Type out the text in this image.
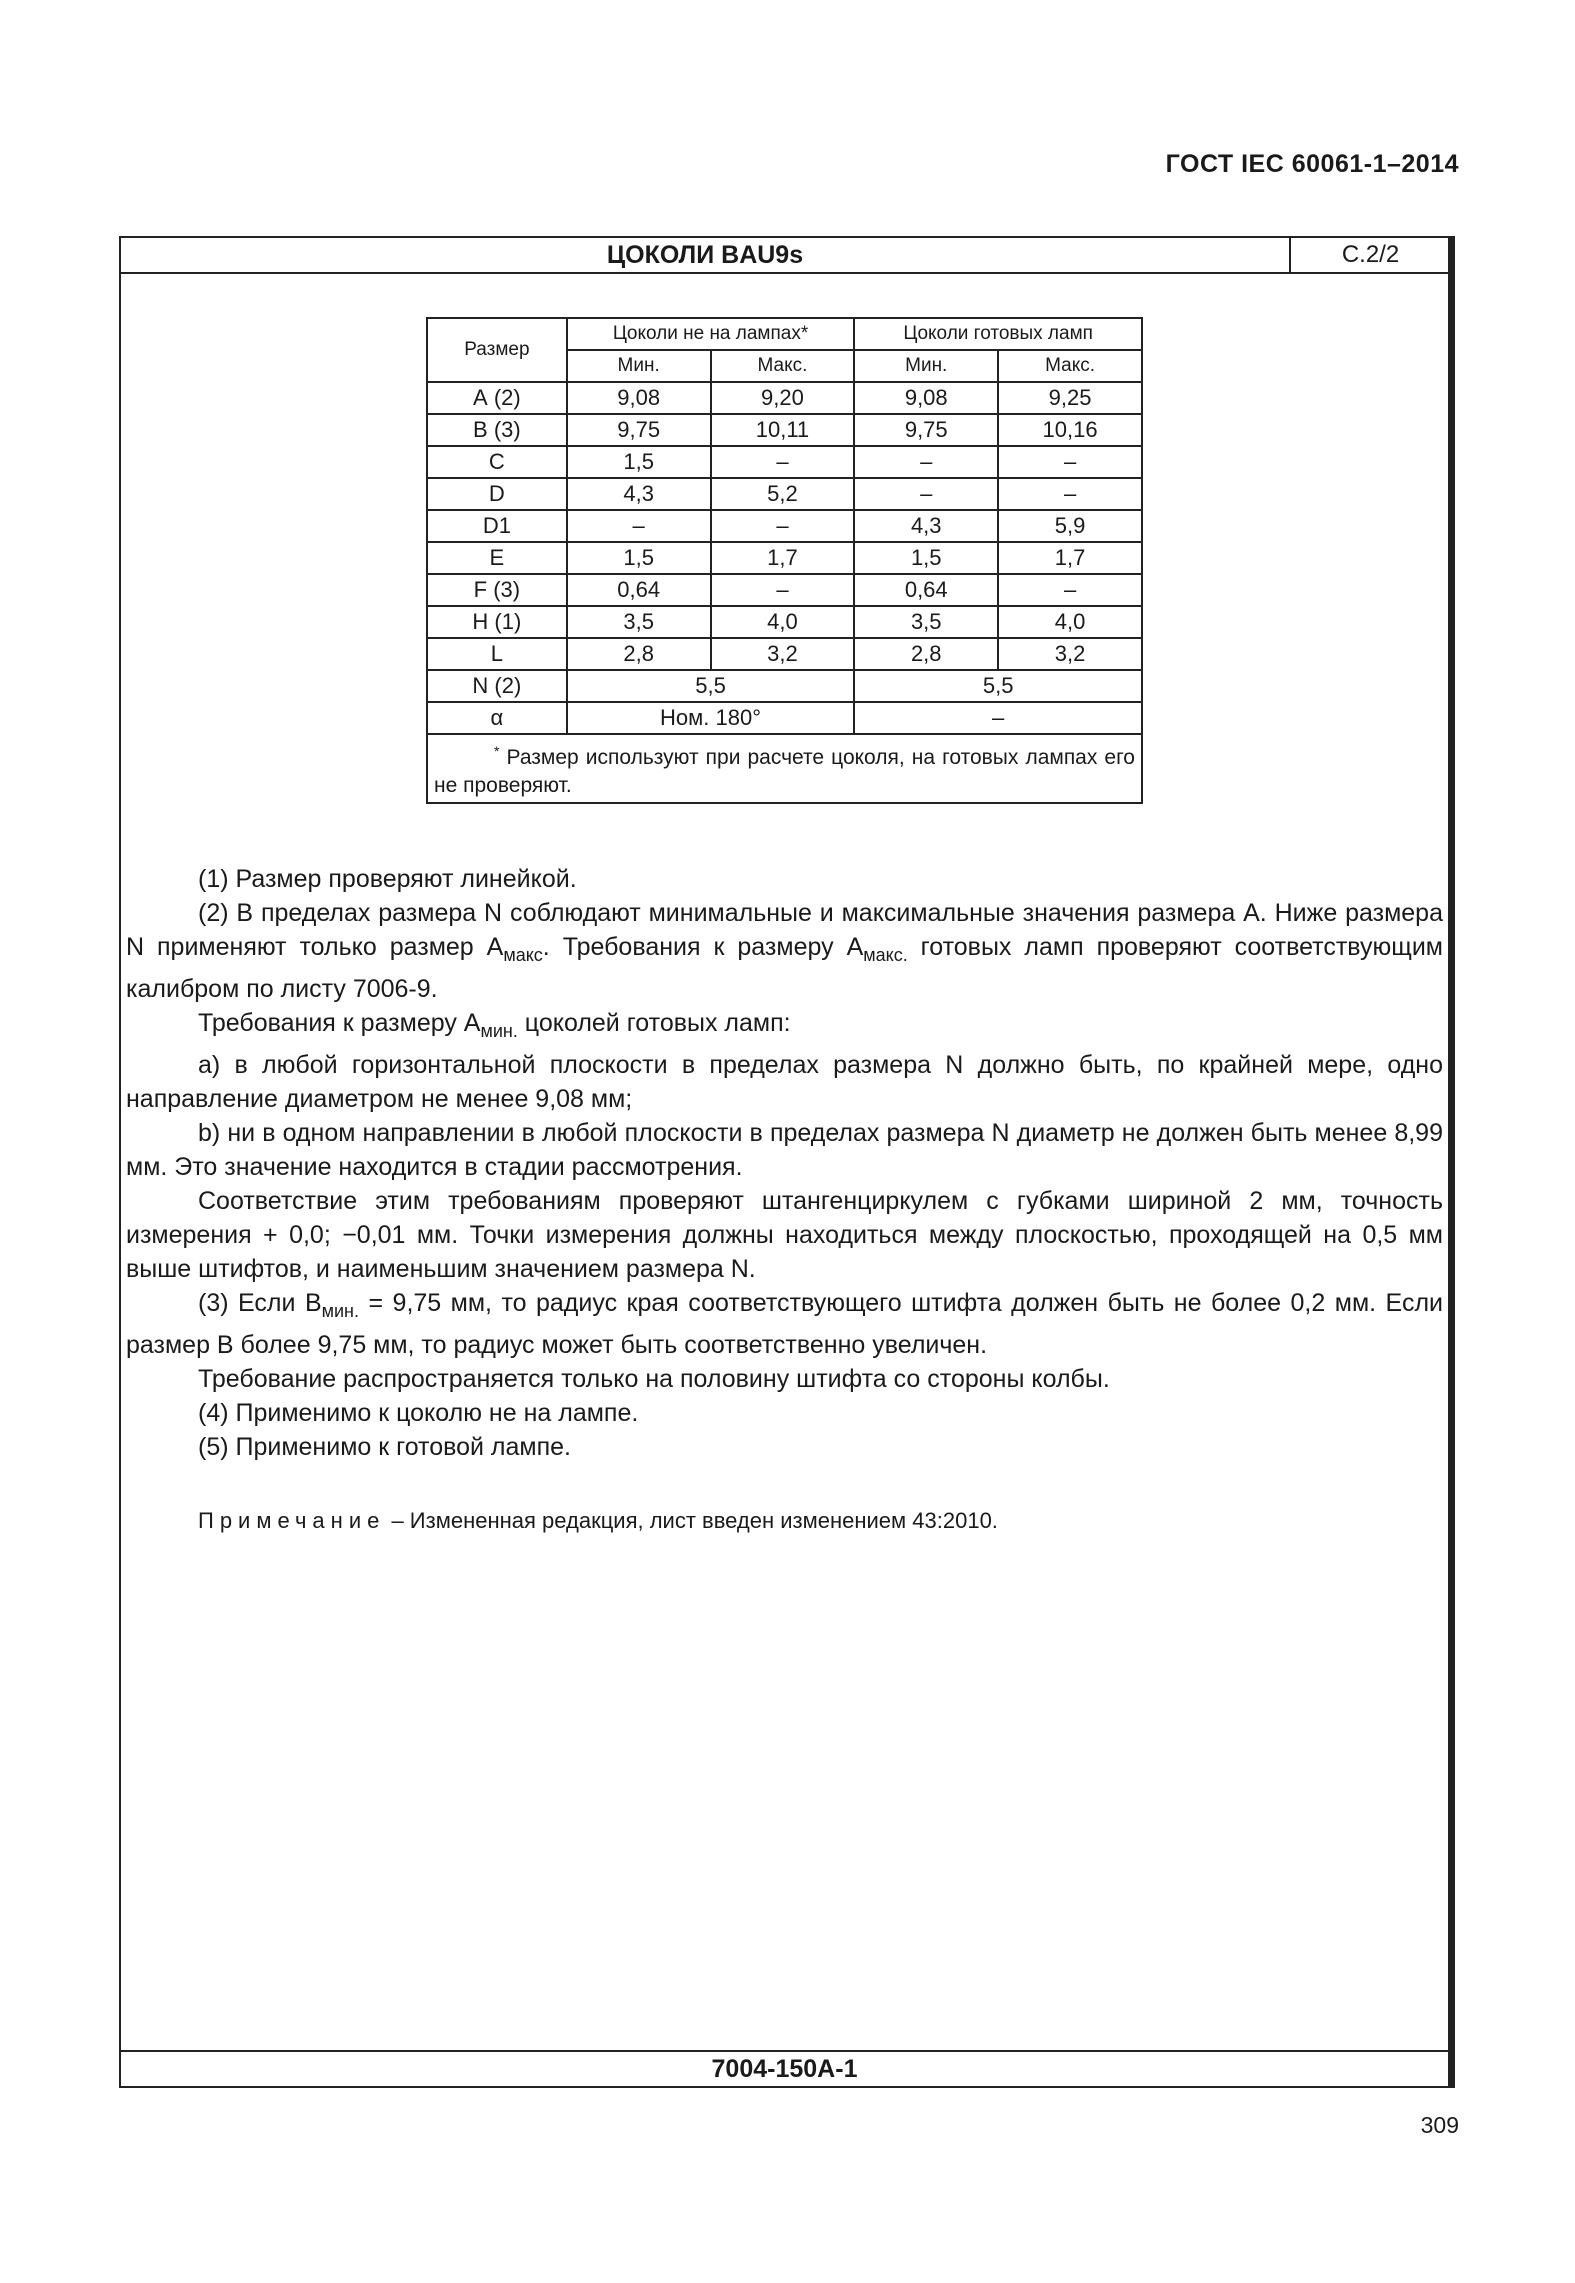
ГОСТ IEC 60061-1–2014
ЦОКОЛИ BAU9s	С.2/2
7004-150А-1
Размер	Цоколи не на лампах*		Цоколи готовых ламп	
	Мин.	Макс.	Мин.	Макс.
А (2)	9,08	9,20	9,08	9,25
В (3)	9,75	10,11	9,75	10,16
С	1,5	–	–	–
D	4,3	5,2	–	–
D1	–	–	4,3	5,9
Е	1,5	1,7	1,5	1,7
F (3)	0,64	–	0,64	–
Н (1)	3,5	4,0	3,5	4,0
L	2,8	3,2	2,8	3,2
N (2)	5,5		5,5	
α	Ном. 180°		–	
* Размер используют при расчете цоколя, на готовых лампах его не проверяют.				

(1) Размер проверяют линейкой.

(2) В пределах размера N соблюдают минимальные и максимальные значения размера А. Ниже размера N применяют только размер $А_{макс}$. Требования к размеру $А_{макс.}$ готовых ламп проверяют соответствующим калибром по листу 7006-9.

Требования к размеру $А_{мин.}$ цоколей готовых ламп:

a) в любой горизонтальной плоскости в пределах размера N должно быть, по крайней мере, одно направление диаметром не менее 9,08 мм;

b) ни в одном направлении в любой плоскости в пределах размера N диаметр не должен быть менее 8,99 мм. Это значение находится в стадии рассмотрения.

Соответствие этим требованиям проверяют штангенциркулем с губками шириной 2 мм, точность измерения + 0,0; −0,01 мм. Точки измерения должны находиться между плоскостью, проходящей на 0,5 мм выше штифтов, и наименьшим значением размера N.

(3) Если $В_{мин.} = 9,75$ мм, то радиус края соответствующего штифта должен быть не более 0,2 мм. Если размер В более 9,75 мм, то радиус может быть соответственно увеличен.

Требование распространяется только на половину штифта со стороны колбы.

(4) Применимо к цоколю не на лампе.

(5) Применимо к готовой лампе.

Примечание – Измененная редакция, лист введен изменением 43:2010.
309
